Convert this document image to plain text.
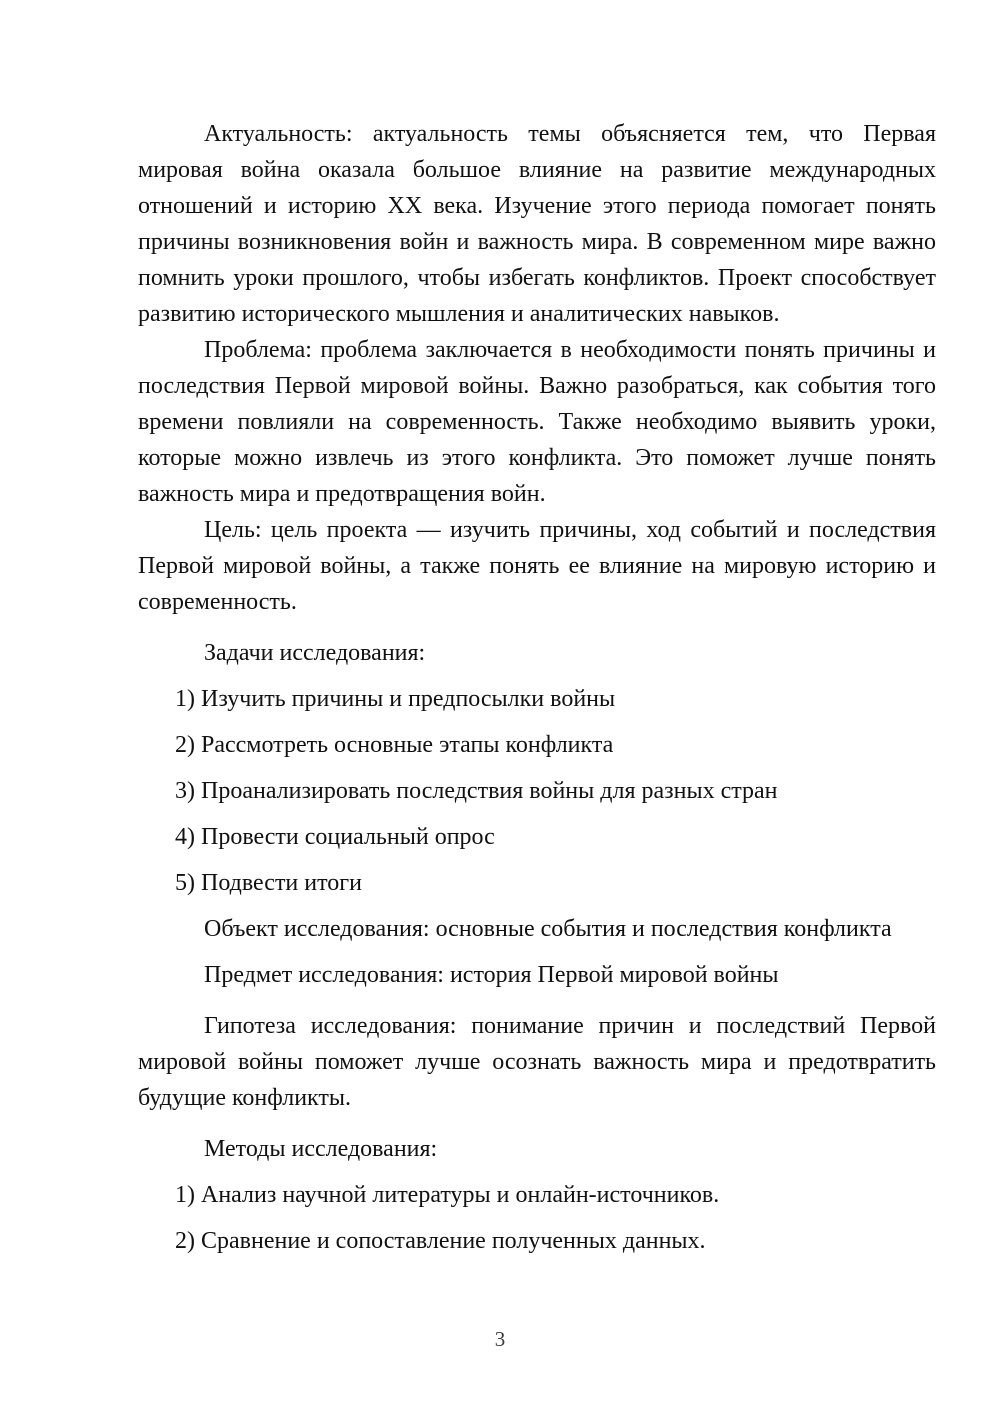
Актуальность: актуальность темы объясняется тем, что Первая мировая война оказала большое влияние на развитие международных отношений и историю XX века. Изучение этого периода помогает понять причины возникновения войн и важность мира. В современном мире важно помнить уроки прошлого, чтобы избегать конфликтов. Проект способствует развитию исторического мышления и аналитических навыков.

Проблема: проблема заключается в необходимости понять причины и последствия Первой мировой войны. Важно разобраться, как события того времени повлияли на современность. Также необходимо выявить уроки, которые можно извлечь из этого конфликта. Это поможет лучше понять важность мира и предотвращения войн.

Цель: цель проекта — изучить причины, ход событий и последствия Первой мировой войны, а также понять ее влияние на мировую историю и современность.

Задачи исследования:

1) Изучить причины и предпосылки войны

2) Рассмотреть основные этапы конфликта

3) Проанализировать последствия войны для разных стран

4) Провести социальный опрос

5) Подвести итоги

Объект исследования: основные события и последствия конфликта

Предмет исследования: история Первой мировой войны

Гипотеза исследования: понимание причин и последствий Первой мировой войны поможет лучше осознать важность мира и предотвратить будущие конфликты.

Методы исследования:

1) Анализ научной литературы и онлайн-источников.

2) Сравнение и сопоставление полученных данных.

3
